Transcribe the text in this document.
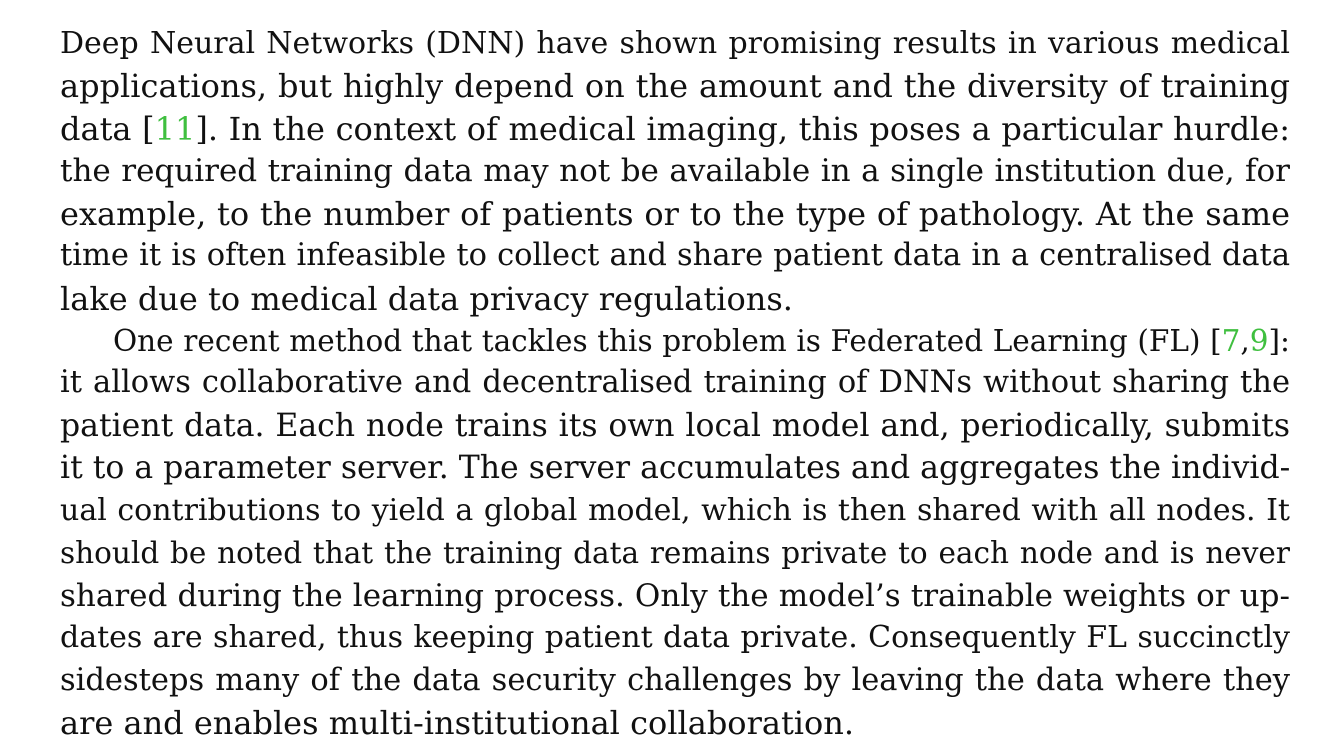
Deep Neural Networks (DNN) have shown promising results in various medical
applications, but highly depend on the amount and the diversity of training
data [11]. In the context of medical imaging, this poses a particular hurdle:
the required training data may not be available in a single institution due, for
example, to the number of patients or to the type of pathology. At the same
time it is often infeasible to collect and share patient data in a centralised data
lake due to medical data privacy regulations.
One recent method that tackles this problem is Federated Learning (FL) [7,9]:
it allows collaborative and decentralised training of DNNs without sharing the
patient data. Each node trains its own local model and, periodically, submits
it to a parameter server. The server accumulates and aggregates the individ-
ual contributions to yield a global model, which is then shared with all nodes. It
should be noted that the training data remains private to each node and is never
shared during the learning process. Only the model’s trainable weights or up-
dates are shared, thus keeping patient data private. Consequently FL succinctly
sidesteps many of the data security challenges by leaving the data where they
are and enables multi-institutional collaboration.
